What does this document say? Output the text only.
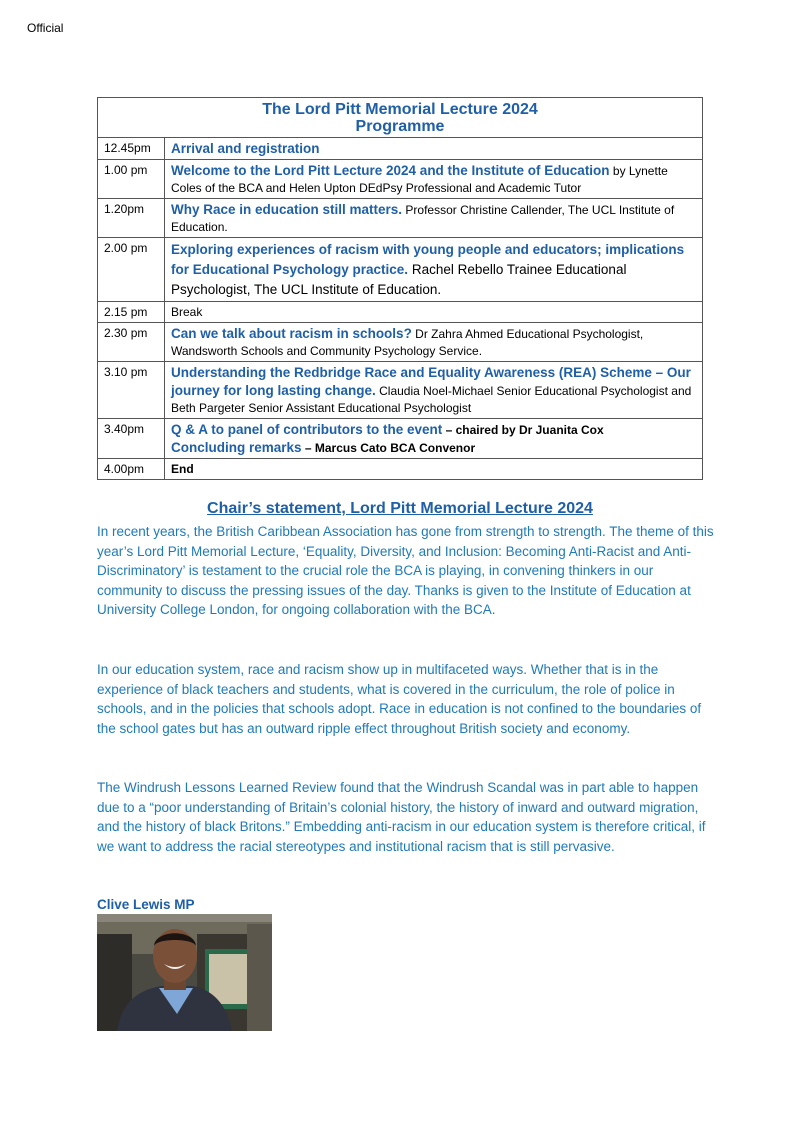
Official
The Lord Pitt Memorial Lecture 2024
Programme	

12.45pm	Arrival and registration
1.00 pm	Welcome to the Lord Pitt Lecture 2024 and the Institute of Education by Lynette Coles of the BCA and Helen Upton DEdPsy Professional and Academic Tutor
1.20pm	Why Race in education still matters. Professor Christine Callender, The UCL Institute of Education.
2.00 pm	Exploring experiences of racism with young people and educators; implications for Educational Psychology practice. Rachel Rebello Trainee Educational Psychologist, The UCL Institute of Education.
2.15 pm	Break
2.30 pm	Can we talk about racism in schools? Dr Zahra Ahmed Educational Psychologist, Wandsworth Schools and Community Psychology Service.
3.10 pm	Understanding the Redbridge Race and Equality Awareness (REA) Scheme – Our journey for long lasting change. Claudia Noel-Michael Senior Educational Psychologist and Beth Pargeter Senior Assistant Educational Psychologist
3.40pm	Q & A to panel of contributors to the event – chaired by Dr Juanita Cox
Concluding remarks – Marcus Cato BCA Convenor

4.00pm	End
Chair’s statement, Lord Pitt Memorial Lecture 2024
In recent years, the British Caribbean Association has gone from strength to strength. The theme of this year’s Lord Pitt Memorial Lecture, ‘Equality, Diversity, and Inclusion: Becoming Anti-Racist and Anti-Discriminatory’ is testament to the crucial role the BCA is playing, in convening thinkers in our community to discuss the pressing issues of the day. Thanks is given to the Institute of Education at University College London, for ongoing collaboration with the BCA.
In our education system, race and racism show up in multifaceted ways. Whether that is in the experience of black teachers and students, what is covered in the curriculum, the role of police in schools, and in the policies that schools adopt. Race in education is not confined to the boundaries of the school gates but has an outward ripple effect throughout British society and economy.
The Windrush Lessons Learned Review found that the Windrush Scandal was in part able to happen due to a “poor understanding of Britain’s colonial history, the history of inward and outward migration, and the history of black Britons.” Embedding anti-racism in our education system is therefore critical, if we want to address the racial stereotypes and institutional racism that is still pervasive.
Clive Lewis MP
